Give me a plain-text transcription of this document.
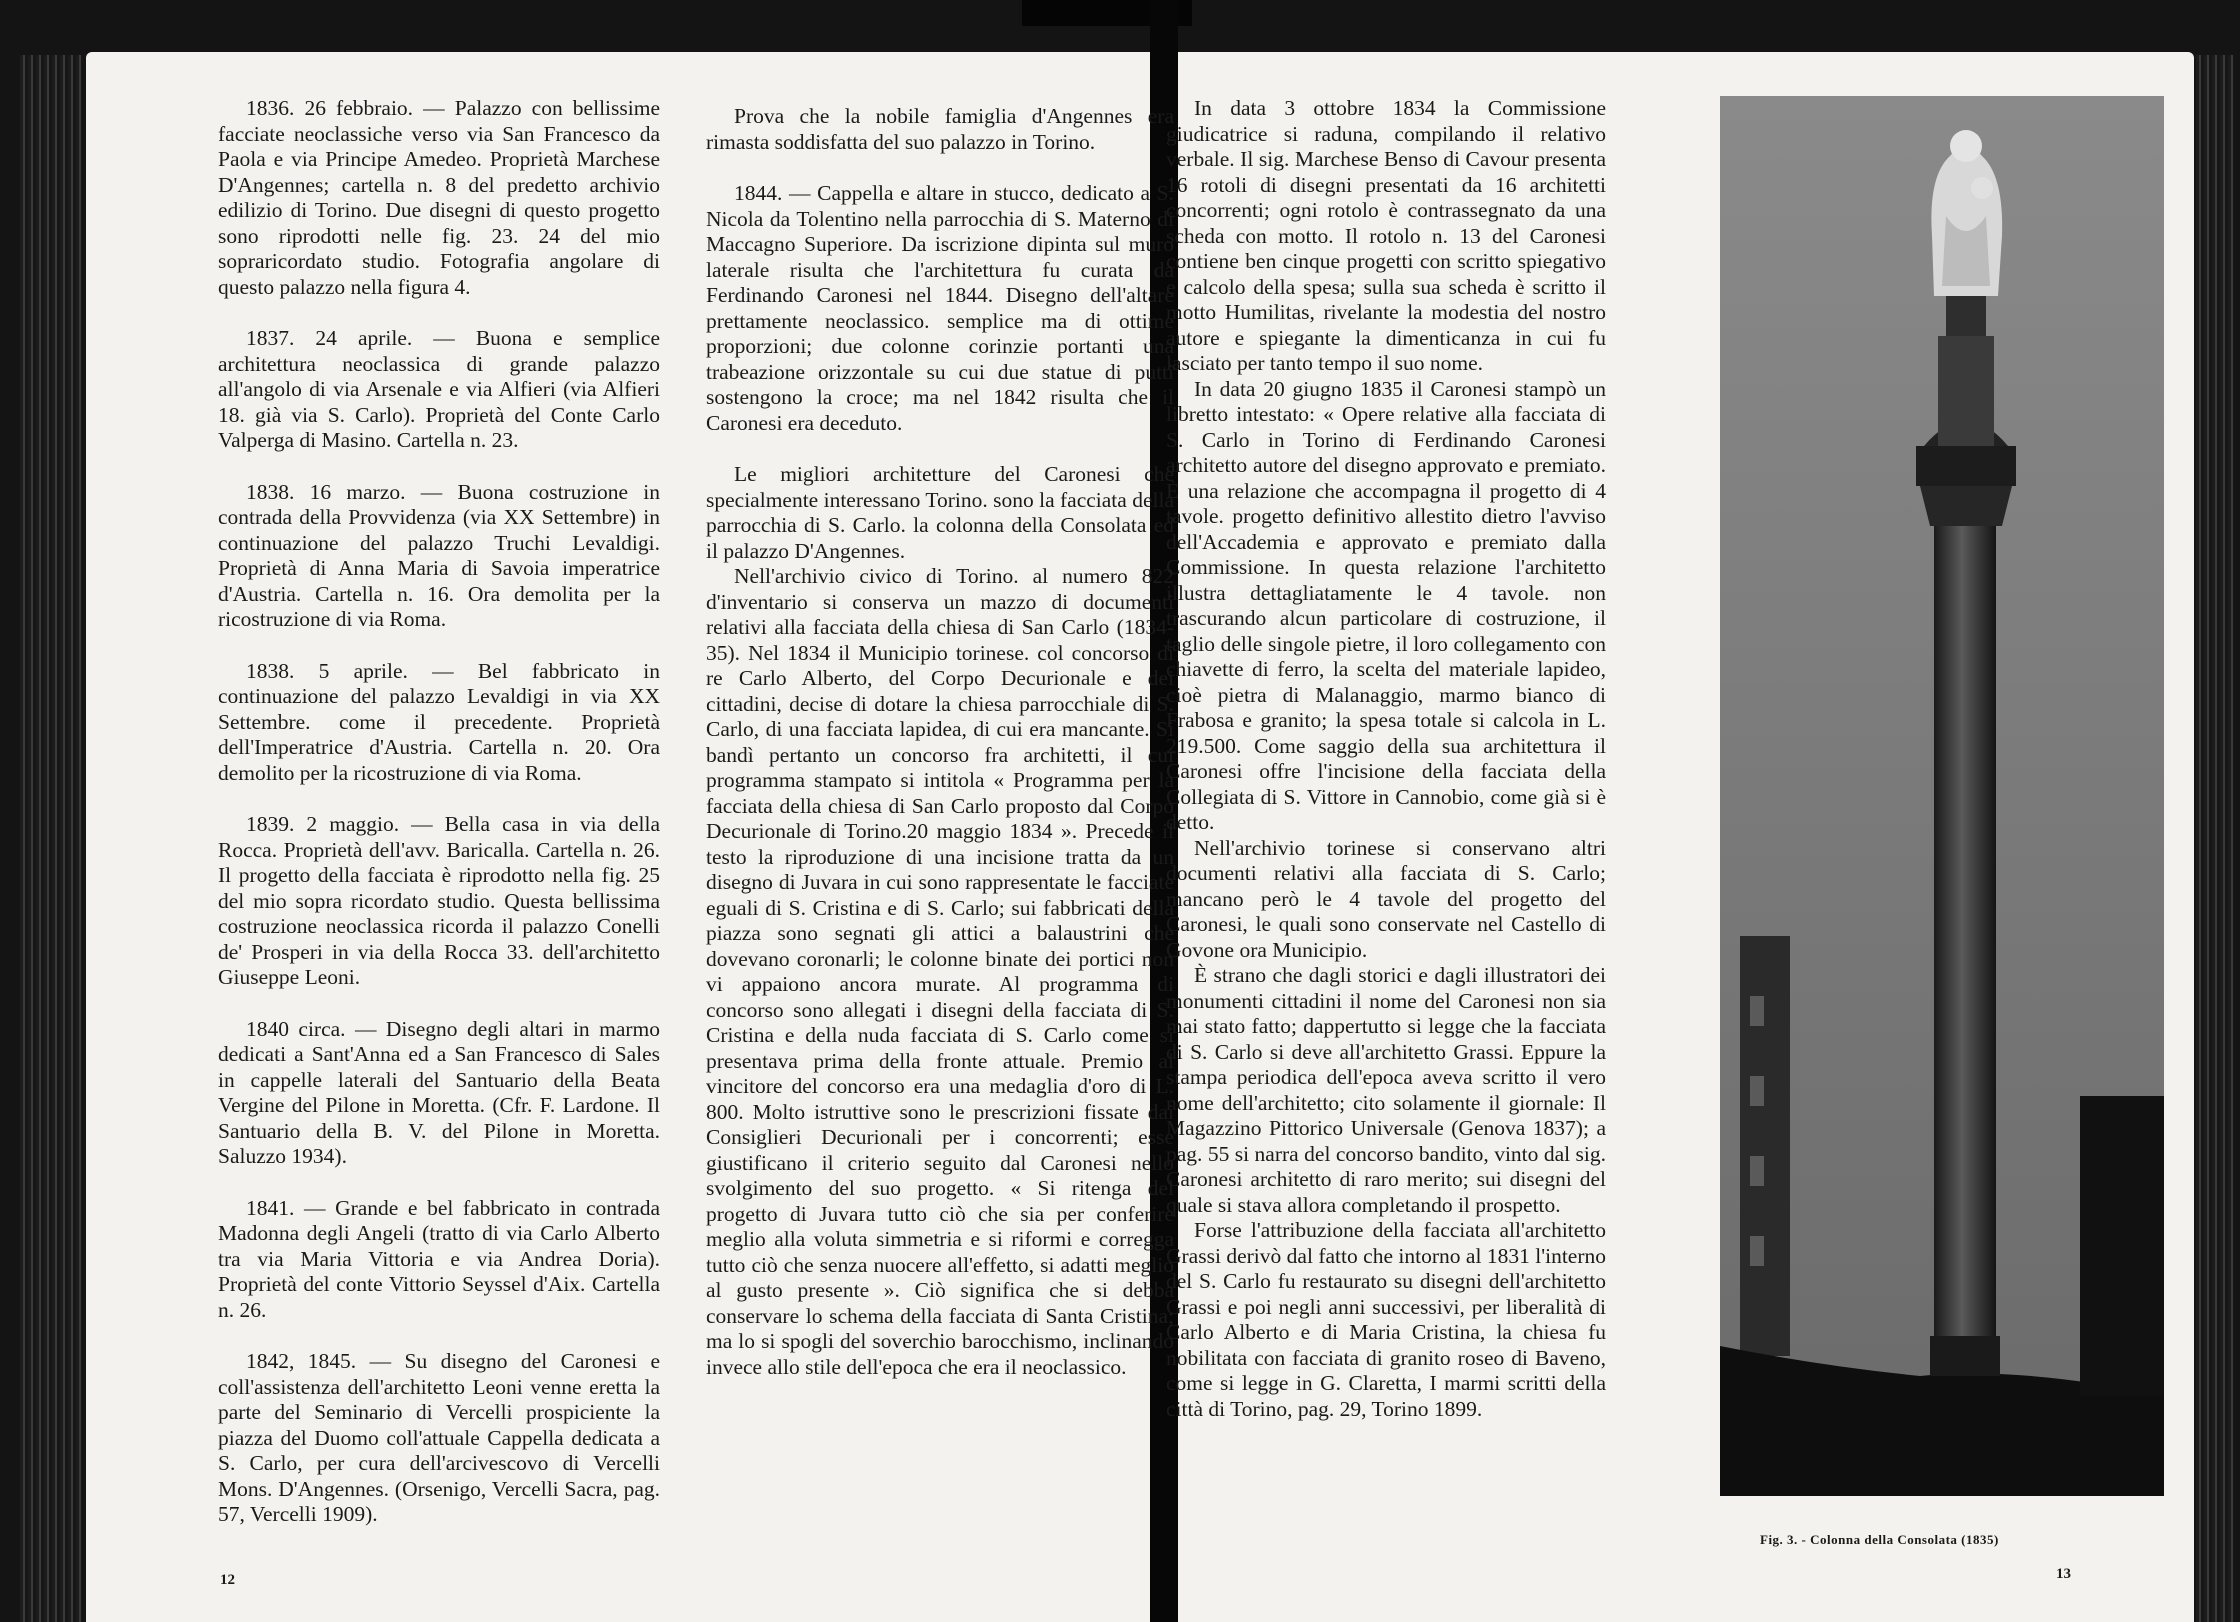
1836. 26 febbraio. — Palazzo con bellissime facciate neoclassiche verso via San Francesco da Paola e via Principe Amedeo. Proprietà Marchese D'Angennes; cartella n. 8 del predetto archivio edilizio di Torino. Due disegni di questo progetto sono riprodotti nelle fig. 23. 24 del mio sopraricordato studio. Fotografia angolare di questo palazzo nella figura 4.

1837. 24 aprile. — Buona e semplice architettura neoclassica di grande palazzo all'angolo di via Arsenale e via Alfieri (via Alfieri 18. già via S. Carlo). Proprietà del Conte Carlo Valperga di Masino. Cartella n. 23.

1838. 16 marzo. — Buona costruzione in contrada della Provvidenza (via XX Settembre) in continuazione del palazzo Truchi Levaldigi. Proprietà di Anna Maria di Savoia imperatrice d'Austria. Cartella n. 16. Ora demolita per la ricostruzione di via Roma.

1838. 5 aprile. — Bel fabbricato in continuazione del palazzo Levaldigi in via XX Settembre. come il precedente. Proprietà dell'Imperatrice d'Austria. Cartella n. 20. Ora demolito per la ricostruzione di via Roma.

1839. 2 maggio. — Bella casa in via della Rocca. Proprietà dell'avv. Baricalla. Cartella n. 26. Il progetto della facciata è riprodotto nella fig. 25 del mio sopra ricordato studio. Questa bellissima costruzione neoclassica ricorda il palazzo Conelli de' Prosperi in via della Rocca 33. dell'architetto Giuseppe Leoni.

1840 circa. — Disegno degli altari in marmo dedicati a Sant'Anna ed a San Francesco di Sales in cappelle laterali del Santuario della Beata Vergine del Pilone in Moretta. (Cfr. F. Lardone. Il Santuario della B. V. del Pilone in Moretta. Saluzzo 1934).

1841. — Grande e bel fabbricato in contrada Madonna degli Angeli (tratto di via Carlo Alberto tra via Maria Vittoria e via Andrea Doria). Proprietà del conte Vittorio Seyssel d'Aix. Cartella n. 26.

1842, 1845. — Su disegno del Caronesi e coll'assistenza dell'architetto Leoni venne eretta la parte del Seminario di Vercelli prospiciente la piazza del Duomo coll'attuale Cappella dedicata a S. Carlo, per cura dell'arcivescovo di Vercelli Mons. D'Angennes. (Orsenigo, Vercelli Sacra, pag. 57, Vercelli 1909).

Prova che la nobile famiglia d'Angennes era rimasta soddisfatta del suo palazzo in Torino.

1844. — Cappella e altare in stucco, dedicato a S. Nicola da Tolentino nella parrocchia di S. Materno di Maccagno Superiore. Da iscrizione dipinta sul muro laterale risulta che l'architettura fu curata da Ferdinando Caronesi nel 1844. Disegno dell'altare prettamente neoclassico. semplice ma di ottime proporzioni; due colonne corinzie portanti una trabeazione orizzontale su cui due statue di putti sostengono la croce; ma nel 1842 risulta che il Caronesi era deceduto.

Le migliori architetture del Caronesi che specialmente interessano Torino. sono la facciata della parrocchia di S. Carlo. la colonna della Consolata ed il palazzo D'Angennes.

Nell'archivio civico di Torino. al numero 822 d'inventario si conserva un mazzo di documenti relativi alla facciata della chiesa di San Carlo (1834-35). Nel 1834 il Municipio torinese. col concorso di re Carlo Alberto, del Corpo Decurionale e dei cittadini, decise di dotare la chiesa parrocchiale di S. Carlo, di una facciata lapidea, di cui era mancante. Si bandì pertanto un concorso fra architetti, il cui programma stampato si intitola « Programma per la facciata della chiesa di San Carlo proposto dal Corpo Decurionale di Torino.20 maggio 1834 ». Precede il testo la riproduzione di una incisione tratta da un disegno di Juvara in cui sono rappresentate le facciate eguali di S. Cristina e di S. Carlo; sui fabbricati della piazza sono segnati gli attici a balaustrini che dovevano coronarli; le colonne binate dei portici non vi appaiono ancora murate. Al programma di concorso sono allegati i disegni della facciata di S. Cristina e della nuda facciata di S. Carlo come si presentava prima della fronte attuale. Premio al vincitore del concorso era una medaglia d'oro di L. 800. Molto istruttive sono le prescrizioni fissate dai Consiglieri Decurionali per i concorrenti; esse giustificano il criterio seguito dal Caronesi nello svolgimento del suo progetto. « Si ritenga del progetto di Juvara tutto ciò che sia per conferire meglio alla voluta simmetria e si riformi e corregga tutto ciò che senza nuocere all'effetto, si adatti meglio al gusto presente ». Ciò significa che si debba conservare lo schema della facciata di Santa Cristina; ma lo si spogli del soverchio barocchismo, inclinando invece allo stile dell'epoca che era il neoclassico.

12

In data 3 ottobre 1834 la Commissione giudicatrice si raduna, compilando il relativo verbale. Il sig. Marchese Benso di Cavour presenta 16 rotoli di disegni presentati da 16 architetti concorrenti; ogni rotolo è contrassegnato da una scheda con motto. Il rotolo n. 13 del Caronesi contiene ben cinque progetti con scritto spiegativo e calcolo della spesa; sulla sua scheda è scritto il motto Humilitas, rivelante la modestia del nostro autore e spiegante la dimenticanza in cui fu lasciato per tanto tempo il suo nome.

In data 20 giugno 1835 il Caronesi stampò un libretto intestato: « Opere relative alla facciata di S. Carlo in Torino di Ferdinando Caronesi architetto autore del disegno approvato e premiato. È una relazione che accompagna il progetto di 4 tavole. progetto definitivo allestito dietro l'avviso dell'Accademia e approvato e premiato dalla Commissione. In questa relazione l'architetto illustra dettagliatamente le 4 tavole. non trascurando alcun particolare di costruzione, il taglio delle singole pietre, il loro collegamento con chiavette di ferro, la scelta del materiale lapideo, cioè pietra di Malanaggio, marmo bianco di Frabosa e granito; la spesa totale si calcola in L. 219.500. Come saggio della sua architettura il Caronesi offre l'incisione della facciata della Collegiata di S. Vittore in Cannobio, come già si è detto.

Nell'archivio torinese si conservano altri documenti relativi alla facciata di S. Carlo; mancano però le 4 tavole del progetto del Caronesi, le quali sono conservate nel Castello di Govone ora Municipio.

È strano che dagli storici e dagli illustratori dei monumenti cittadini il nome del Caronesi non sia mai stato fatto; dappertutto si legge che la facciata di S. Carlo si deve all'architetto Grassi. Eppure la stampa periodica dell'epoca aveva scritto il vero nome dell'architetto; cito solamente il giornale: Il Magazzino Pittorico Universale (Genova 1837); a pag. 55 si narra del concorso bandito, vinto dal sig. Caronesi architetto di raro merito; sui disegni del quale si stava allora completando il prospetto.

Forse l'attribuzione della facciata all'architetto Grassi derivò dal fatto che intorno al 1831 l'interno del S. Carlo fu restaurato su disegni dell'architetto Grassi e poi negli anni successivi, per liberalità di Carlo Alberto e di Maria Cristina, la chiesa fu nobilitata con facciata di granito roseo di Baveno, come si legge in G. Claretta, I marmi scritti della città di Torino, pag. 29, Torino 1899.

Fig. 3. - Colonna della Consolata (1835)
13
